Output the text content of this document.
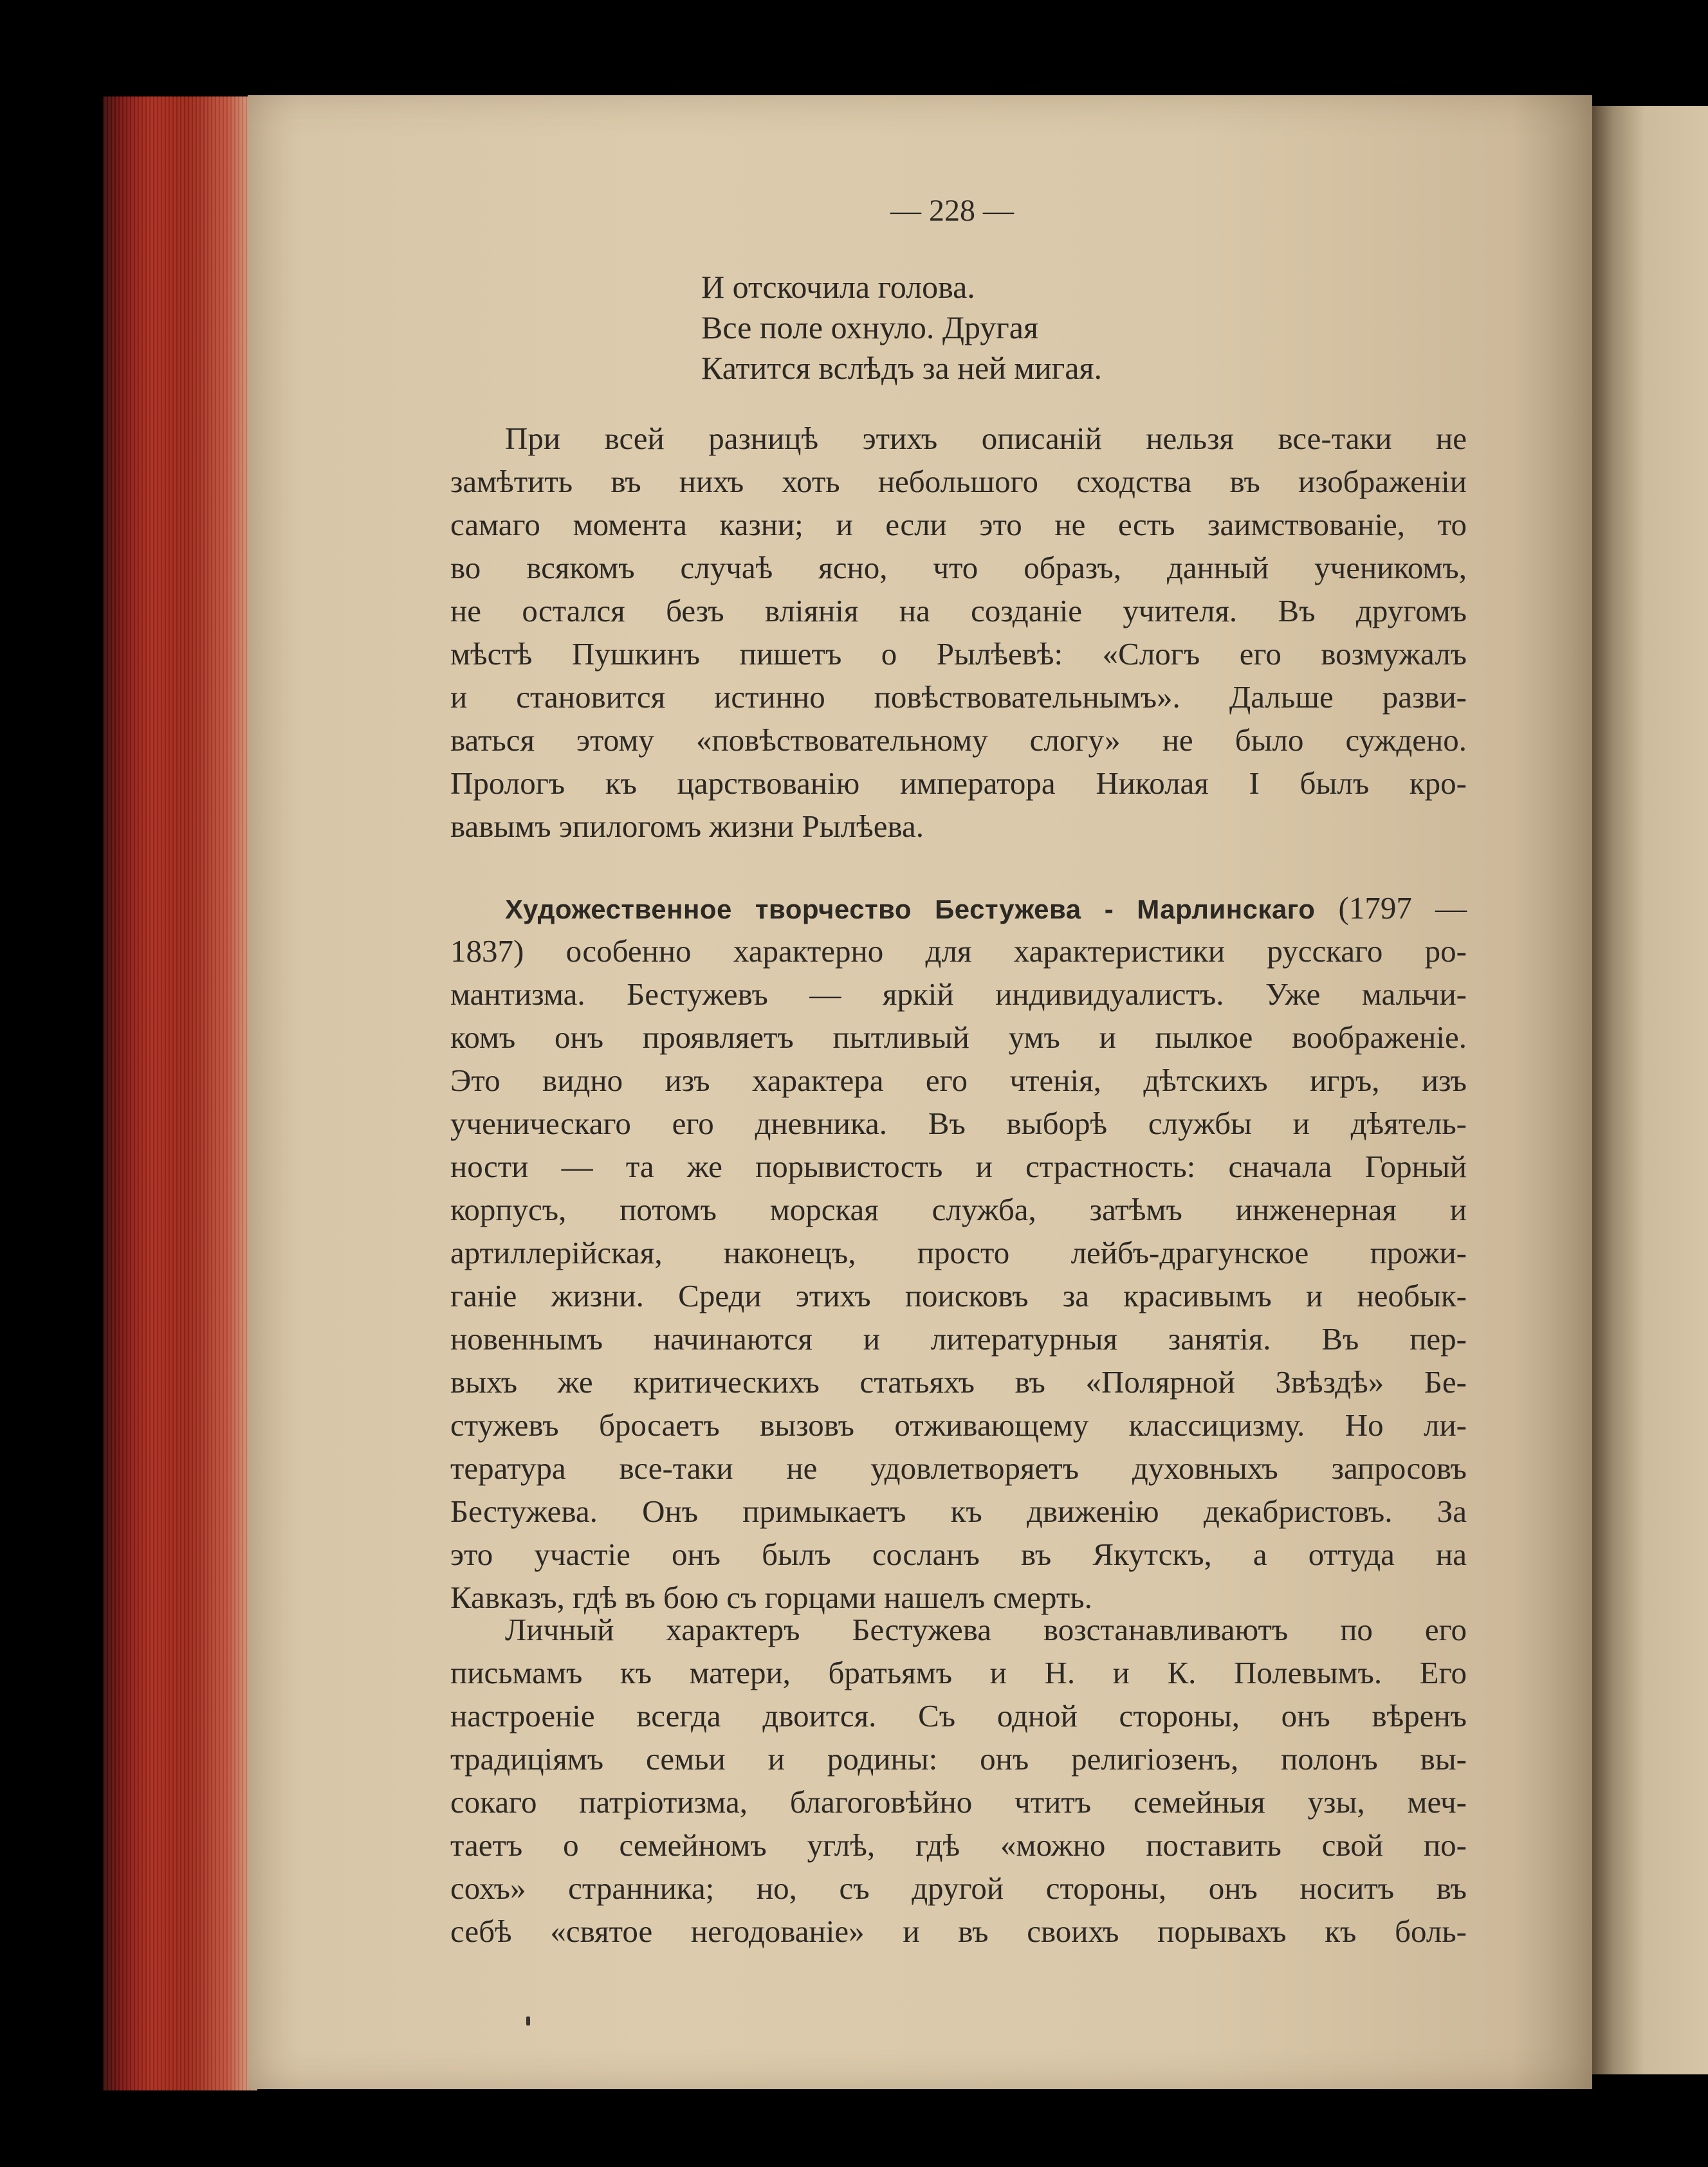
— 228 —
И отскочила голова.
Все поле охнуло. Другая
Катится вслѣдъ за ней мигая.
При всей разницѣ этихъ описаній нельзя все-таки не
замѣтить въ нихъ хоть небольшого сходства въ изображеніи
самаго момента казни; и если это не есть заимствованіе, то
во всякомъ случаѣ ясно, что образъ, данный ученикомъ,
не остался безъ вліянія на созданіе учителя. Въ другомъ
мѣстѣ Пушкинъ пишетъ о Рылѣевѣ: «Слогъ его возмужалъ
и становится истинно повѣствовательнымъ». Дальше разви-
ваться этому «повѣствовательному слогу» не было суждено.
Прологъ къ царствованію императора Николая I былъ кро-
вавымъ эпилогомъ жизни Рылѣева.
Художественное творчество Бестужева - Марлинскаго (1797 —
1837) особенно характерно для характеристики русскаго ро-
мантизма. Бестужевъ — яркій индивидуалистъ. Уже мальчи-
комъ онъ проявляетъ пытливый умъ и пылкое воображеніе.
Это видно изъ характера его чтенія, дѣтскихъ игръ, изъ
ученическаго его дневника. Въ выборѣ службы и дѣятель-
ности — та же порывистость и страстность: сначала Горный
корпусъ, потомъ морская служба, затѣмъ инженерная и
артиллерійская, наконецъ, просто лейбъ-драгунское прожи-
ганіе жизни. Среди этихъ поисковъ за красивымъ и необык-
новеннымъ начинаются и литературныя занятія. Въ пер-
выхъ же критическихъ статьяхъ въ «Полярной Звѣздѣ» Бе-
стужевъ бросаетъ вызовъ отживающему классицизму. Но ли-
тература все-таки не удовлетворяетъ духовныхъ запросовъ
Бестужева. Онъ примыкаетъ къ движенію декабристовъ. За
это участіе онъ былъ сосланъ въ Якутскъ, а оттуда на
Кавказъ, гдѣ въ бою съ горцами нашелъ смерть.
Личный характеръ Бестужева возстанавливаютъ по его
письмамъ къ матери, братьямъ и Н. и К. Полевымъ. Его
настроеніе всегда двоится. Съ одной стороны, онъ вѣренъ
традиціямъ семьи и родины: онъ религіозенъ, полонъ вы-
сокаго патріотизма, благоговѣйно чтитъ семейныя узы, меч-
таетъ о семейномъ углѣ, гдѣ «можно поставить свой по-
сохъ» странника; но, съ другой стороны, онъ носитъ въ
себѣ «святое негодованіе» и въ своихъ порывахъ къ боль-
